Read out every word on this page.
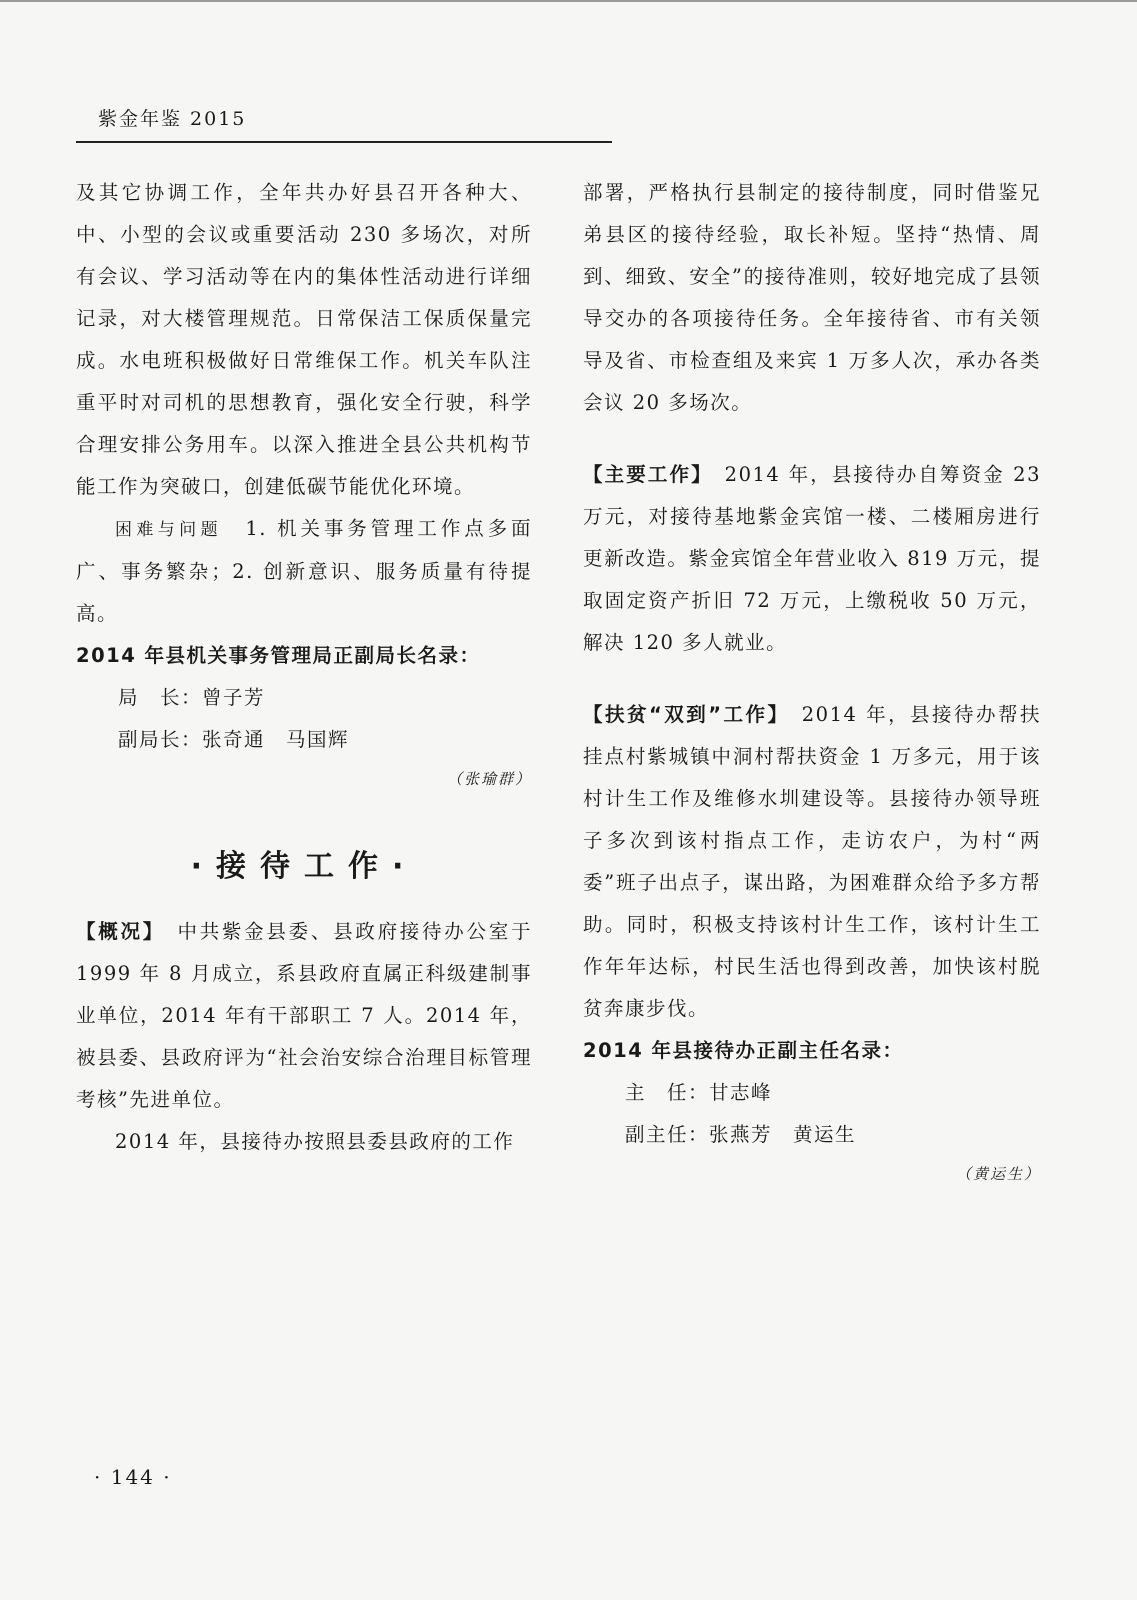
紫金年鉴 2015

及其它协调工作，全年共办好县召开各种大、中、小型的会议或重要活动 230 多场次，对所有会议、学习活动等在内的集体性活动进行详细记录，对大楼管理规范。日常保洁工保质保量完成。水电班积极做好日常维保工作。机关车队注重平时对司机的思想教育，强化安全行驶，科学合理安排公务用车。以深入推进全县公共机构节能工作为突破口，创建低碳节能优化环境。

困难与问题　 1. 机关事务管理工作点多面广、事务繁杂；2. 创新意识、服务质量有待提高。

2014 年县机关事务管理局正副局长名录：
局　长：曾子芳
副局长：张奇通　马国辉
（张瑜群）
·接待工作·

【概况】　 中共紫金县委、县政府接待办公室于 1999 年 8 月成立，系县政府直属正科级建制事业单位，2014 年有干部职工 7 人。2014 年，被县委、县政府评为“社会治安综合治理目标管理考核”先进单位。

2014 年，县接待办按照县委县政府的工作

部署，严格执行县制定的接待制度，同时借鉴兄弟县区的接待经验，取长补短。坚持“热情、周到、细致、安全”的接待准则，较好地完成了县领导交办的各项接待任务。全年接待省、市有关领导及省、市检查组及来宾 1 万多人次，承办各类会议 20 多场次。

【主要工作】　 2014 年，县接待办自筹资金 23 万元，对接待基地紫金宾馆一楼、二楼厢房进行更新改造。紫金宾馆全年营业收入 819 万元，提取固定资产折旧 72 万元，上缴税收 50 万元，解决 120 多人就业。

【扶贫“双到”工作】　 2014 年，县接待办帮扶挂点村紫城镇中洞村帮扶资金 1 万多元，用于该村计生工作及维修水圳建设等。县接待办领导班子多次到该村指点工作，走访农户，为村“两委”班子出点子，谋出路，为困难群众给予多方帮助。同时，积极支持该村计生工作，该村计生工作年年达标，村民生活也得到改善，加快该村脱贫奔康步伐。

2014 年县接待办正副主任名录：
主　任：甘志峰
副主任：张燕芳　黄运生
（黄运生）
· 144 ·
